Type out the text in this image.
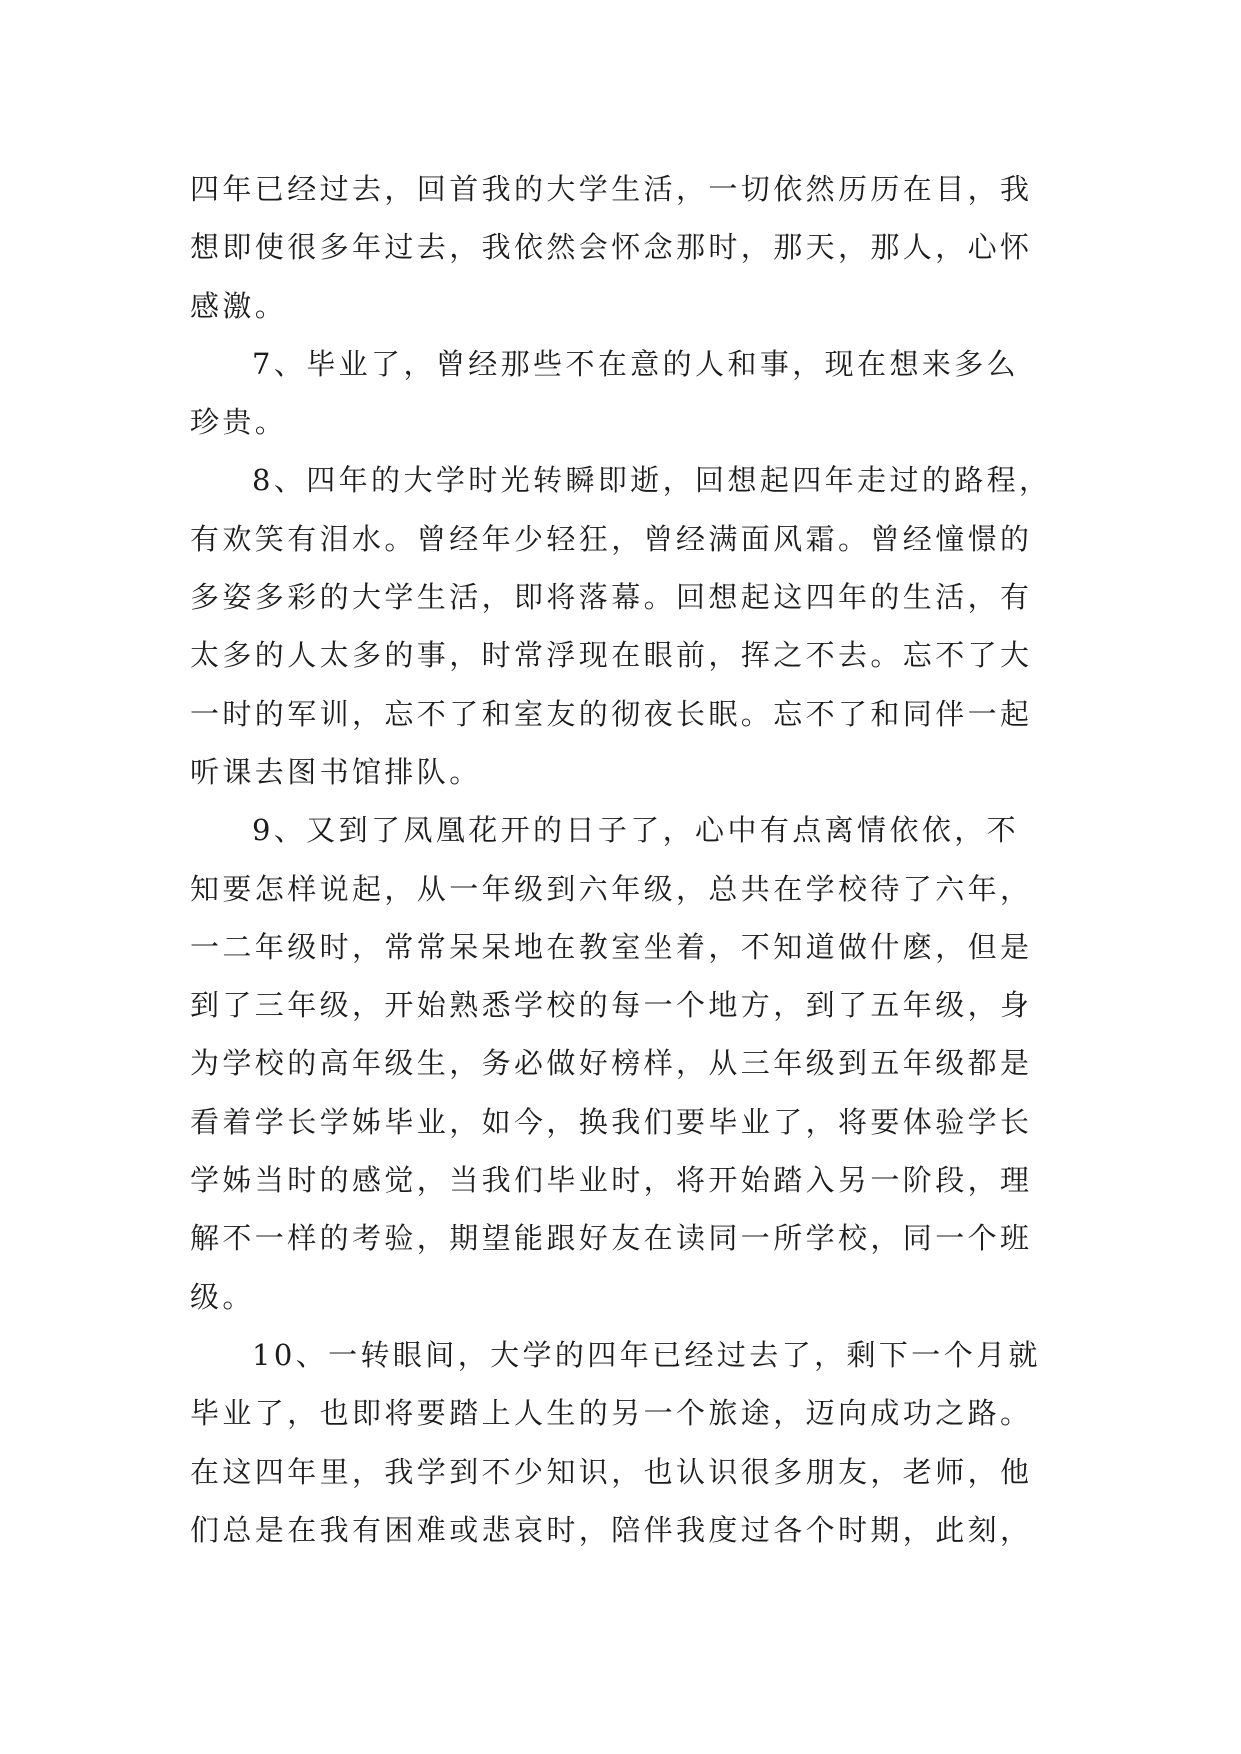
四年已经过去，回首我的大学生活，一切依然历历在目，我
想即使很多年过去，我依然会怀念那时，那天，那人，心怀
感激。
7、毕业了，曾经那些不在意的人和事，现在想来多么
珍贵。
8、四年的大学时光转瞬即逝，回想起四年走过的路程，
有欢笑有泪水。曾经年少轻狂，曾经满面风霜。曾经憧憬的
多姿多彩的大学生活，即将落幕。回想起这四年的生活，有
太多的人太多的事，时常浮现在眼前，挥之不去。忘不了大
一时的军训，忘不了和室友的彻夜长眠。忘不了和同伴一起
听课去图书馆排队。
9、又到了凤凰花开的日子了，心中有点离情依依，不
知要怎样说起，从一年级到六年级，总共在学校待了六年，
一二年级时，常常呆呆地在教室坐着，不知道做什麽，但是
到了三年级，开始熟悉学校的每一个地方，到了五年级，身
为学校的高年级生，务必做好榜样，从三年级到五年级都是
看着学长学姊毕业，如今，换我们要毕业了，将要体验学长
学姊当时的感觉，当我们毕业时，将开始踏入另一阶段，理
解不一样的考验，期望能跟好友在读同一所学校，同一个班
级。
10、一转眼间，大学的四年已经过去了，剩下一个月就
毕业了，也即将要踏上人生的另一个旅途，迈向成功之路。
在这四年里，我学到不少知识，也认识很多朋友，老师，他
们总是在我有困难或悲哀时，陪伴我度过各个时期，此刻，
